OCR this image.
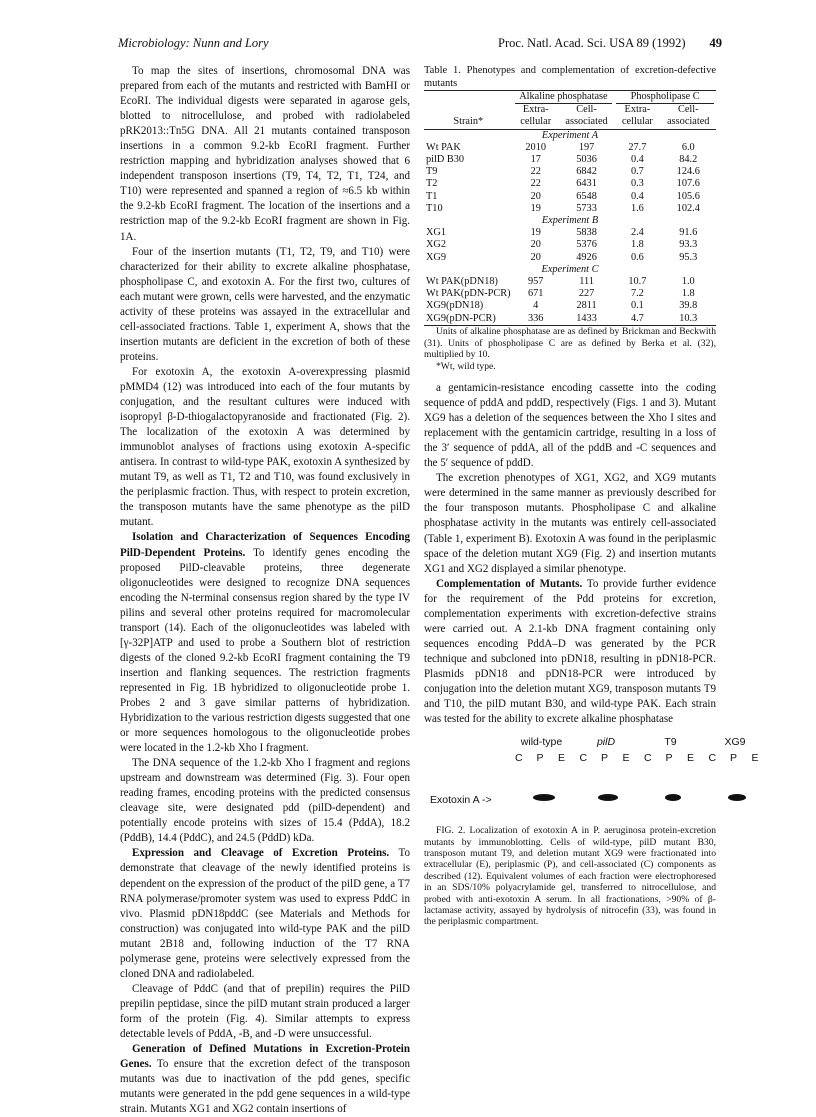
Microbiology: Nunn and Lory	Proc. Natl. Acad. Sci. USA 89 (1992) 49

To map the sites of insertions, chromosomal DNA was prepared from each of the mutants and restricted with BamHI or EcoRI. The individual digests were separated in agarose gels, blotted to nitrocellulose, and probed with radiolabeled pRK2013::Tn5G DNA. All 21 mutants contained transposon insertions in a common 9.2-kb EcoRI fragment. Further restriction mapping and hybridization analyses showed that 6 independent transposon insertions (T9, T4, T2, T1, T24, and T10) were represented and spanned a region of ≈6.5 kb within the 9.2-kb EcoRI fragment. The location of the insertions and a restriction map of the 9.2-kb EcoRI fragment are shown in Fig. 1A.

Four of the insertion mutants (T1, T2, T9, and T10) were characterized for their ability to excrete alkaline phosphatase, phospholipase C, and exotoxin A. For the first two, cultures of each mutant were grown, cells were harvested, and the enzymatic activity of these proteins was assayed in the extracellular and cell-associated fractions. Table 1, experiment A, shows that the insertion mutants are deficient in the excretion of both of these proteins.

For exotoxin A, the exotoxin A-overexpressing plasmid pMMD4 (12) was introduced into each of the four mutants by conjugation, and the resultant cultures were induced with isopropyl β-D-thiogalactopyranoside and fractionated (Fig. 2). The localization of the exotoxin A was determined by immunoblot analyses of fractions using exotoxin A-specific antisera. In contrast to wild-type PAK, exotoxin A synthesized by mutant T9, as well as T1, T2 and T10, was found exclusively in the periplasmic fraction. Thus, with respect to protein excretion, the transposon mutants have the same phenotype as the pilD mutant.

Isolation and Characterization of Sequences Encoding PilD-Dependent Proteins. To identify genes encoding the proposed PilD-cleavable proteins, three degenerate oligonucleotides were designed to recognize DNA sequences encoding the N-terminal consensus region shared by the type IV pilins and several other proteins required for macromolecular transport (14). Each of the oligonucleotides was labeled with [γ-32P]ATP and used to probe a Southern blot of restriction digests of the cloned 9.2-kb EcoRI fragment containing the T9 insertion and flanking sequences. The restriction fragments represented in Fig. 1B hybridized to oligonucleotide probe 1. Probes 2 and 3 gave similar patterns of hybridization. Hybridization to the various restriction digests suggested that one or more sequences homologous to the oligonucleotide probes were located in the 1.2-kb Xho I fragment.

The DNA sequence of the 1.2-kb Xho I fragment and regions upstream and downstream was determined (Fig. 3). Four open reading frames, encoding proteins with the predicted consensus cleavage site, were designated pdd (pilD-dependent) and potentially encode proteins with sizes of 15.4 (PddA), 18.2 (PddB), 14.4 (PddC), and 24.5 (PddD) kDa.

Expression and Cleavage of Excretion Proteins. To demonstrate that cleavage of the newly identified proteins is dependent on the expression of the product of the pilD gene, a T7 RNA polymerase/promoter system was used to express PddC in vivo. Plasmid pDN18pddC (see Materials and Methods for construction) was conjugated into wild-type PAK and the pilD mutant 2B18 and, following induction of the T7 RNA polymerase gene, proteins were selectively expressed from the cloned DNA and radiolabeled.

Cleavage of PddC (and that of prepilin) requires the PilD prepilin peptidase, since the pilD mutant strain produced a larger form of the protein (Fig. 4). Similar attempts to express detectable levels of PddA, -B, and -D were unsuccessful.

Generation of Defined Mutations in Excretion-Protein Genes. To ensure that the excretion defect of the transposon mutants was due to inactivation of the pdd genes, specific mutants were generated in the pdd gene sequences in a wild-type strain. Mutants XG1 and XG2 contain insertions of

Table 1. Phenotypes and complementation of excretion-defective mutants

	Alkaline phosphatase		Phospholipase C	

Strain*	Extra-cellular	Cell-associated	Extra-cellular	Cell-associated
Experiment A				
Wt PAK	2010	197	27.7	6.0
pilD B30	17	5036	0.4	84.2
T9	22	6842	0.7	124.6
T2	22	6431	0.3	107.6
T1	20	6548	0.4	105.6
T10	19	5733	1.6	102.4
Experiment B				
XG1	19	5838	2.4	91.6
XG2	20	5376	1.8	93.3
XG9	20	4926	0.6	95.3
Experiment C				
Wt PAK(pDN18)	957	111	10.7	1.0
Wt PAK(pDN-PCR)	671	227	7.2	1.8
XG9(pDN18)	4	2811	0.1	39.8
XG9(pDN-PCR)	336	1433	4.7	10.3

Units of alkaline phosphatase are as defined by Brickman and Beckwith (31). Units of phospholipase C are as defined by Berka et al. (32), multiplied by 10.

*Wt, wild type.

a gentamicin-resistance encoding cassette into the coding sequence of pddA and pddD, respectively (Figs. 1 and 3). Mutant XG9 has a deletion of the sequences between the Xho I sites and replacement with the gentamicin cartridge, resulting in a loss of the 3′ sequence of pddA, all of the pddB and -C sequences and the 5′ sequence of pddD.

The excretion phenotypes of XG1, XG2, and XG9 mutants were determined in the same manner as previously described for the four transposon mutants. Phospholipase C and alkaline phosphatase activity in the mutants was entirely cell-associated (Table 1, experiment B). Exotoxin A was found in the periplasmic space of the deletion mutant XG9 (Fig. 2) and insertion mutants XG1 and XG2 displayed a similar phenotype.

Complementation of Mutants. To provide further evidence for the requirement of the Pdd proteins for excretion, complementation experiments with excretion-defective strains were carried out. A 2.1-kb DNA fragment containing only sequences encoding PddA–D was generated by the PCR technique and subcloned into pDN18, resulting in pDN18-PCR. Plasmids pDN18 and pDN18-PCR were introduced by conjugation into the deletion mutant XG9, transposon mutants T9 and T10, the pilD mutant B30, and wild-type PAK. Each strain was tested for the ability to excrete alkaline phosphatase

Exotoxin A ->
wild-type	pilD	T9	XG9
C P E C P E C P E C P E

FIG. 2. Localization of exotoxin A in P. aeruginosa protein-excretion mutants by immunoblotting. Cells of wild-type, pilD mutant B30, transposon mutant T9, and deletion mutant XG9 were fractionated into extracellular (E), periplasmic (P), and cell-associated (C) components as described (12). Equivalent volumes of each fraction were electrophoresed in an SDS/10% polyacrylamide gel, transferred to nitrocellulose, and probed with anti-exotoxin A serum. In all fractionations, >90% of β-lactamase activity, assayed by hydrolysis of nitrocefin (33), was found in the periplasmic compartment.
